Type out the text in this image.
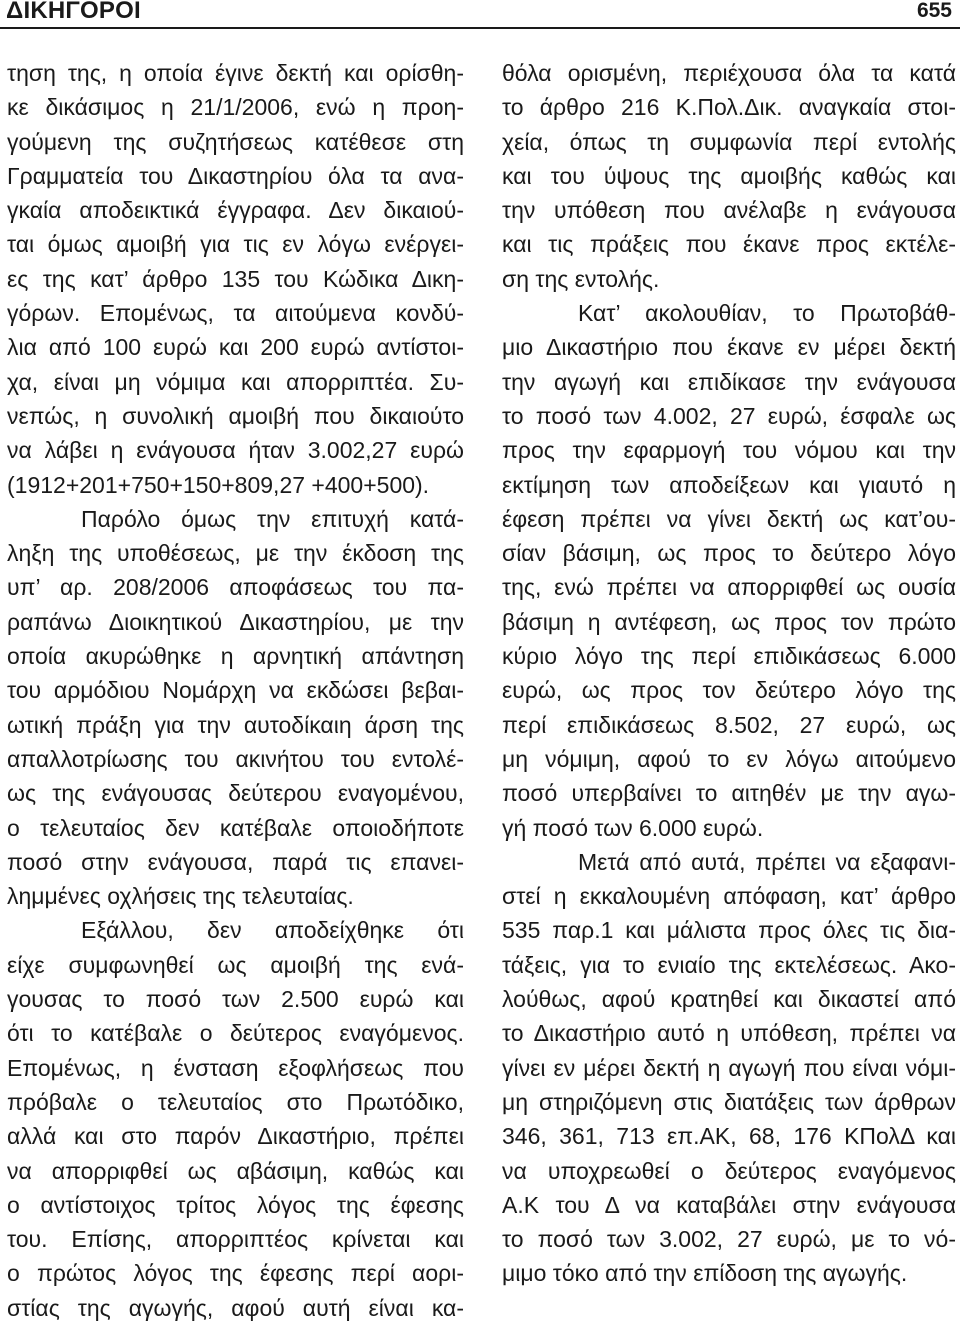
ΔΙΚΗΓΟΡΟΙ	655
τηση της, η οποία έγινε δεκτή και ορίσθη-
κε δικάσιμος η 21/1/2006, ενώ η προη-
γούμενη της συζητήσεως κατέθεσε στη
Γραμματεία του Δικαστηρίου όλα τα ανα-
γκαία αποδεικτικά έγγραφα. Δεν δικαιού-
ται όμως αμοιβή για τις εν λόγω ενέργει-
ες της κατ’ άρθρο 135 του Κώδικα Δικη-
γόρων. Επομένως, τα αιτούμενα κονδύ-
λια από 100 ευρώ και 200 ευρώ αντίστοι-
χα, είναι μη νόμιμα και απορριπτέα. Συ-
νεπώς, η συνολική αμοιβή που δικαιούτο
να λάβει η ενάγουσα ήταν 3.002,27 ευρώ
(1912+201+750+150+809,27 +400+500).
Παρόλο όμως την επιτυχή κατά-
ληξη της υποθέσεως, με την έκδοση της
υπ’ αρ. 208/2006 αποφάσεως του πα-
ραπάνω Διοικητικού Δικαστηρίου, με την
οποία ακυρώθηκε η αρνητική απάντηση
του αρμόδιου Νομάρχη να εκδώσει βεβαι-
ωτική πράξη για την αυτοδίκαιη άρση της
απαλλοτρίωσης του ακινήτου του εντολέ-
ως της ενάγουσας δεύτερου εναγομένου,
ο τελευταίος δεν κατέβαλε οποιοδήποτε
ποσό στην ενάγουσα, παρά τις επανει-
λημμένες οχλήσεις της τελευταίας.
Εξάλλου, δεν αποδείχθηκε ότι
είχε συμφωνηθεί ως αμοιβή της ενά-
γουσας το ποσό των 2.500 ευρώ και
ότι το κατέβαλε ο δεύτερος εναγόμενος.
Επομένως, η ένσταση εξοφλήσεως που
πρόβαλε ο τελευταίος στο Πρωτόδικο,
αλλά και στο παρόν Δικαστήριο, πρέπει
να απορριφθεί ως αβάσιμη, καθώς και
ο αντίστοιχος τρίτος λόγος της έφεσης
του. Επίσης, απορριπτέος κρίνεται και
ο πρώτος λόγος της έφεσης περί αορι-
στίας της αγωγής, αφού αυτή είναι κα-
θόλα ορισμένη, περιέχουσα όλα τα κατά
το άρθρο 216 Κ.Πολ.Δικ. αναγκαία στοι-
χεία, όπως τη συμφωνία περί εντολής
και του ύψους της αμοιβής καθώς και
την υπόθεση που ανέλαβε η ενάγουσα
και τις πράξεις που έκανε προς εκτέλε-
ση της εντολής.
Κατ’ ακολουθίαν, το Πρωτοβάθ-
μιο Δικαστήριο που έκανε εν μέρει δεκτή
την αγωγή και επιδίκασε την ενάγουσα
το ποσό των 4.002, 27 ευρώ, έσφαλε ως
προς την εφαρμογή του νόμου και την
εκτίμηση των αποδείξεων και γιαυτό η
έφεση πρέπει να γίνει δεκτή ως κατ’ου-
σίαν βάσιμη, ως προς το δεύτερο λόγο
της, ενώ πρέπει να απορριφθεί ως ουσία
βάσιμη η αντέφεση, ως προς τον πρώτο
κύριο λόγο της περί επιδικάσεως 6.000
ευρώ, ως προς τον δεύτερο λόγο της
περί επιδικάσεως 8.502, 27 ευρώ, ως
μη νόμιμη, αφού το εν λόγω αιτούμενο
ποσό υπερβαίνει το αιτηθέν με την αγω-
γή ποσό των 6.000 ευρώ.
Μετά από αυτά, πρέπει να εξαφανι-
στεί η εκκαλουμένη απόφαση, κατ’ άρθρο
535 παρ.1 και μάλιστα προς όλες τις δια-
τάξεις, για το ενιαίο της εκτελέσεως. Ακο-
λούθως, αφού κρατηθεί και δικαστεί από
το Δικαστήριο αυτό η υπόθεση, πρέπει να
γίνει εν μέρει δεκτή η αγωγή που είναι νόμι-
μη στηριζόμενη στις διατάξεις των άρθρων
346, 361, 713 επ.ΑΚ, 68, 176 ΚΠολΔ και
να υποχρεωθεί ο δεύτερος εναγόμενος
Α.Κ του Δ να καταβάλει στην ενάγουσα
το ποσό των 3.002, 27 ευρώ, με το νό-
μιμο τόκο από την επίδοση της αγωγής.
